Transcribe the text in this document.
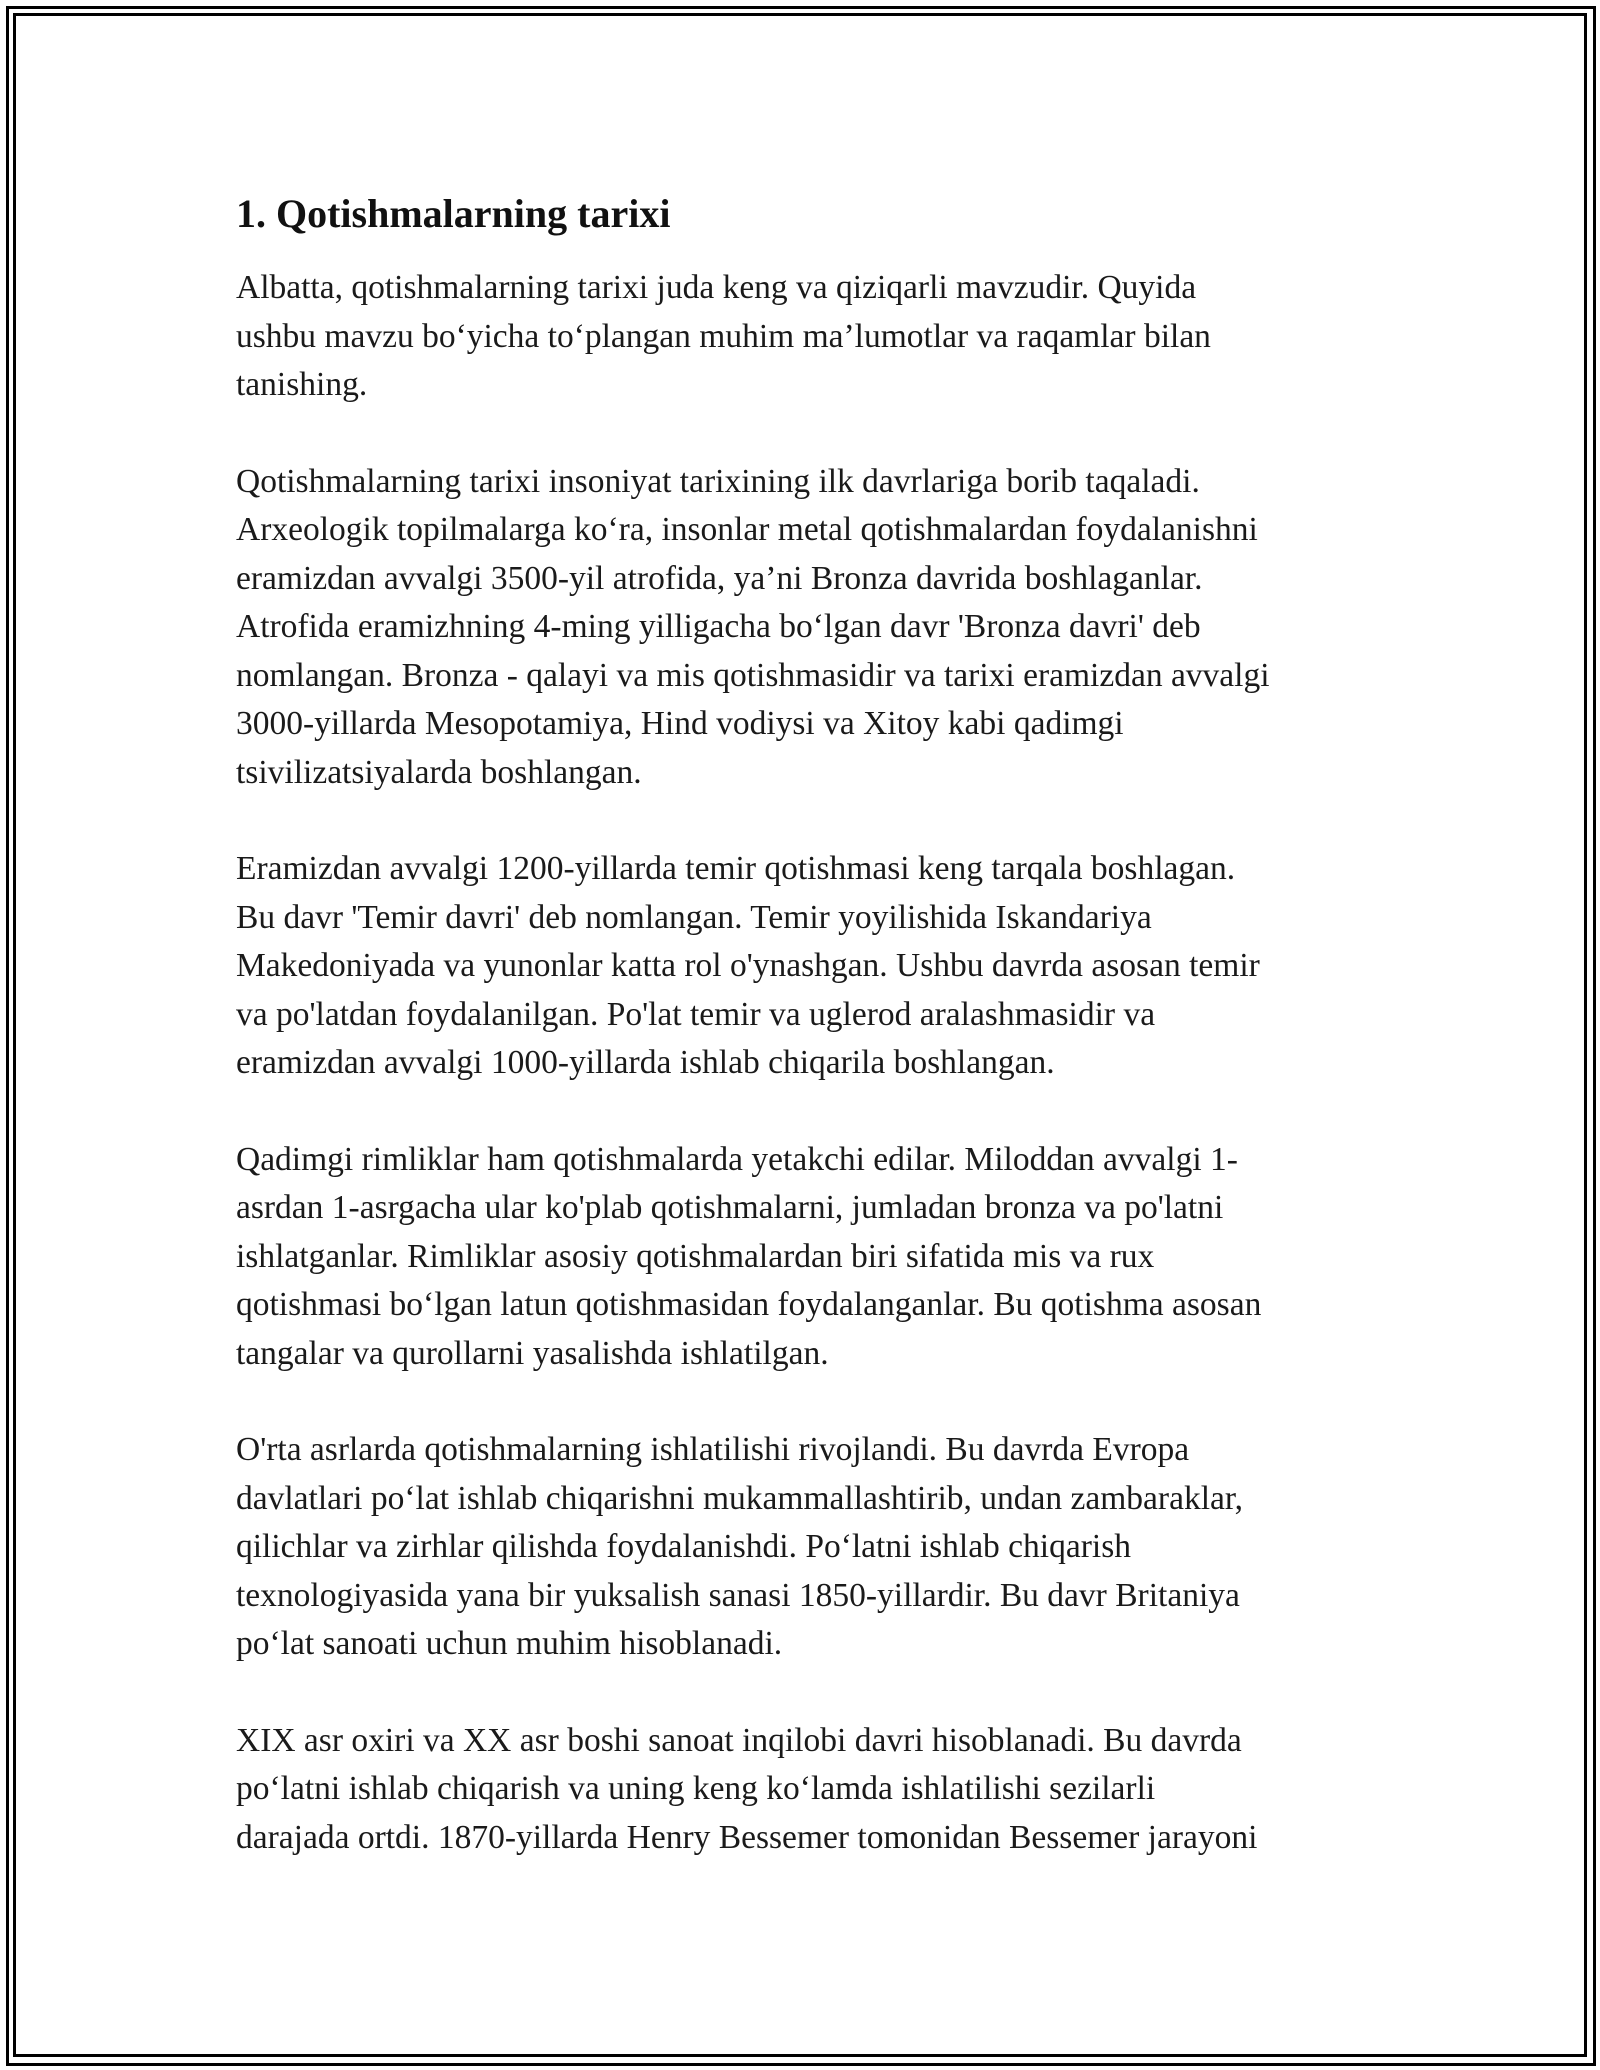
1. Qotishmalarning tarixi

Albatta, qotishmalarning tarixi juda keng va qiziqarli mavzudir. Quyida
ushbu mavzu bo‘yicha to‘plangan muhim ma’lumotlar va raqamlar bilan
tanishing.

Qotishmalarning tarixi insoniyat tarixining ilk davrlariga borib taqaladi.
Arxeologik topilmalarga ko‘ra, insonlar metal qotishmalardan foydalanishni
eramizdan avvalgi 3500-yil atrofida, ya’ni Bronza davrida boshlaganlar.
Atrofida eramizhning 4-ming yilligacha bo‘lgan davr 'Bronza davri' deb
nomlangan. Bronza - qalayi va mis qotishmasidir va tarixi eramizdan avvalgi
3000-yillarda Mesopotamiya, Hind vodiysi va Xitoy kabi qadimgi
tsivilizatsiyalarda boshlangan.

Eramizdan avvalgi 1200-yillarda temir qotishmasi keng tarqala boshlagan.
Bu davr 'Temir davri' deb nomlangan. Temir yoyilishida Iskandariya
Makedoniyada va yunonlar katta rol o'ynashgan. Ushbu davrda asosan temir
va po'latdan foydalanilgan. Po'lat temir va uglerod aralashmasidir va
eramizdan avvalgi 1000-yillarda ishlab chiqarila boshlangan.

Qadimgi rimliklar ham qotishmalarda yetakchi edilar. Miloddan avvalgi 1-
asrdan 1-asrgacha ular ko'plab qotishmalarni, jumladan bronza va po'latni
ishlatganlar. Rimliklar asosiy qotishmalardan biri sifatida mis va rux
qotishmasi bo‘lgan latun qotishmasidan foydalanganlar. Bu qotishma asosan
tangalar va qurollarni yasalishda ishlatilgan.

O'rta asrlarda qotishmalarning ishlatilishi rivojlandi. Bu davrda Evropa
davlatlari po‘lat ishlab chiqarishni mukammallashtirib, undan zambaraklar,
qilichlar va zirhlar qilishda foydalanishdi. Po‘latni ishlab chiqarish
texnologiyasida yana bir yuksalish sanasi 1850-yillardir. Bu davr Britaniya
po‘lat sanoati uchun muhim hisoblanadi.

XIX asr oxiri va XX asr boshi sanoat inqilobi davri hisoblanadi. Bu davrda
po‘latni ishlab chiqarish va uning keng ko‘lamda ishlatilishi sezilarli
darajada ortdi. 1870-yillarda Henry Bessemer tomonidan Bessemer jarayoni
